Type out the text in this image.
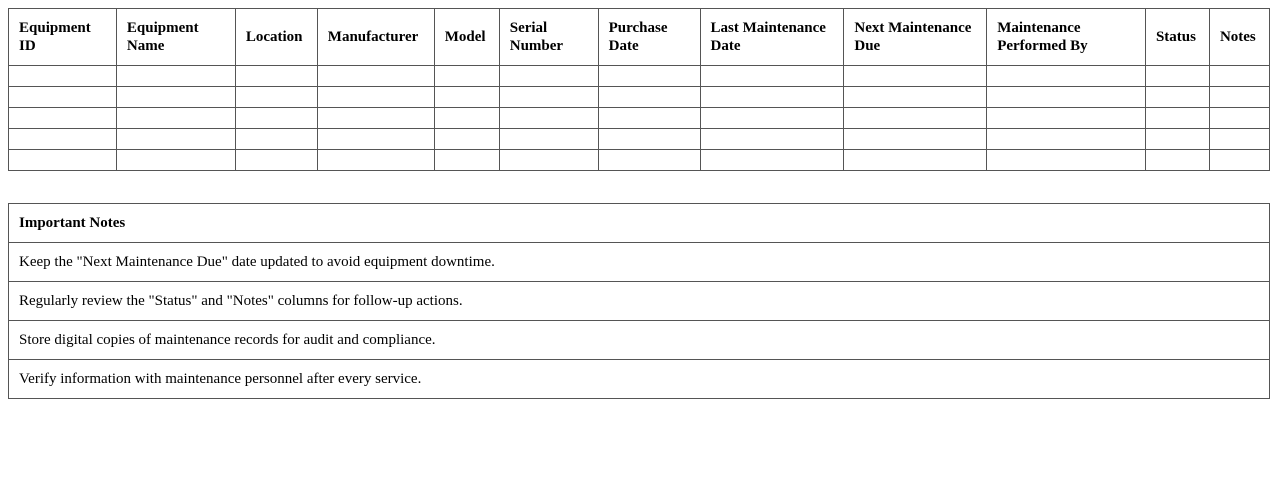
Equipment ID	Equipment Name	Location	Manufacturer	Model	Serial Number	Purchase Date	Last Maintenance Date	Next Maintenance Due	Maintenance Performed By	Status	Notes

Important Notes
Keep the "Next Maintenance Due" date updated to avoid equipment downtime.
Regularly review the "Status" and "Notes" columns for follow-up actions.
Store digital copies of maintenance records for audit and compliance.
Verify information with maintenance personnel after every service.
